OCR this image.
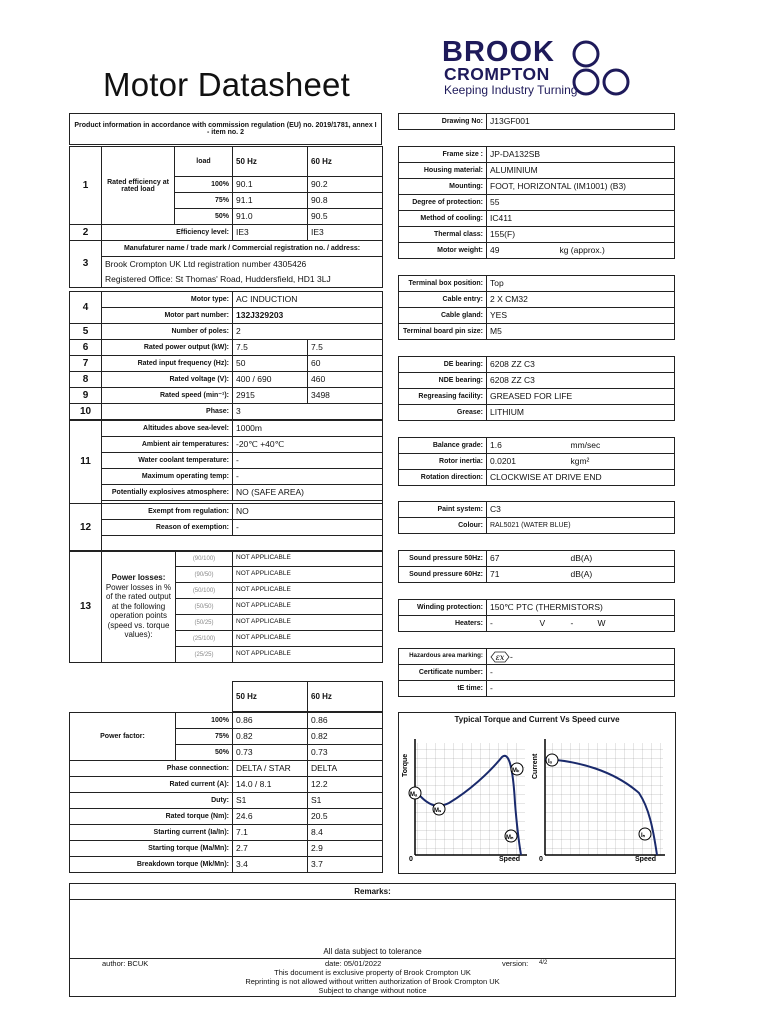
Motor Datasheet
BROOK
CROMPTON
Keeping Industry Turning
Product information in accordance with commission regulation (EU) no. 2019/1781, annex I - item no. 2
1	Rated efficiency at rated load	load	50 Hz	60 Hz
		100%	90.1	90.2
		75%	91.1	90.8
		50%	91.0	90.5
2	Efficiency level:		IE3	IE3
3	Manufaturer name / trade mark / Commercial registration no. / address:			
	Brook Crompton UK Ltd registration number 4305426			
	Registered Office: St Thomas' Road, Huddersfield, HD1 3LJ			
4	Motor type:	AC INDUCTION	
	Motor part number:	132J329203	
5	Number of poles:	2	
6	Rated power output (kW):	7.5	7.5
7	Rated input frequency (Hz):	50	60
8	Rated voltage (V):	400 / 690	460
9	Rated speed (min⁻¹):	2915	3498
10	Phase:	3	
11	Altitudes above sea-level:	1000m
	Ambient air temperatures:	-20℃ +40℃
	Water coolant temperature:	-
	Maximum operating temp:	-
	Potentially explosives atmosphere:	NO (SAFE AREA)

12	Exempt from regulation:	NO
	Reason of exemption:	-

13	Power losses:
Power losses in % of the rated output at the following operation points (speed vs. torque values):	(90/100)	NOT APPLICABLE
		(90/50)	NOT APPLICABLE
		(50/100)	NOT APPLICABLE
		(50/50)	NOT APPLICABLE
		(50/25)	NOT APPLICABLE
		(25/100)	NOT APPLICABLE
		(25/25)	NOT APPLICABLE
50 Hz	60 Hz
Power factor:	100%	0.86	0.86
	75%	0.82	0.82
	50%	0.73	0.73
Phase connection:		DELTA / STAR	DELTA
Rated current (A):		14.0 / 8.1	12.2
Duty:		S1	S1
Rated torque (Nm):		24.6	20.5
Starting current (Ia/In):		7.1	8.4
Starting torque (Ma/Mn):		2.7	2.9
Breakdown torque (Mk/Mn):		3.4	3.7
Drawing No:	J13GF001
Frame size :	JP-DA132SB
Housing material:	ALUMINIUM
Mounting:	FOOT, HORIZONTAL (IM1001) (B3)
Degree of protection:	55
Method of cooling:	IC411
Thermal class:	155(F)
Motor weight:	49 kg (approx.)
Terminal box position:	Top
Cable entry:	2 X CM32
Cable gland:	YES
Terminal board pin size:	M5
DE bearing:	6208 ZZ C3
NDE bearing:	6208 ZZ C3
Regreasing facility:	GREASED FOR LIFE
Grease:	LITHIUM
Balance grade:	1.6 mm/sec

Rotor inertia:	0.0201 kgm²

Rotation direction:	CLOCKWISE AT DRIVE END
Paint system:	C3
Colour:	RAL5021 (WATER BLUE)
Sound pressure 50Hz:	67 dB(A)

Sound pressure 60Hz:	71 dB(A)
Winding protection:	150℃ PTC (THERMISTORS)
Heaters:	- V - W
Hazardous area marking:	εx -
Certificate number:	-
tE time:	-
Typical Torque and Current Vs Speed curve
Torque
0	Speed
Mₐ
Mₛ
Mₖ
Mₙ
Current
0	Speed
Iₐ
Iₙ
Remarks:
All data subject to tolerance
author: BCUK	date: 05/01/2022	version: 4/2
This document is exclusive property of Brook Crompton UK
Reprinting is not allowed without written authorization of Brook Crompton UK
Subject to change without notice
